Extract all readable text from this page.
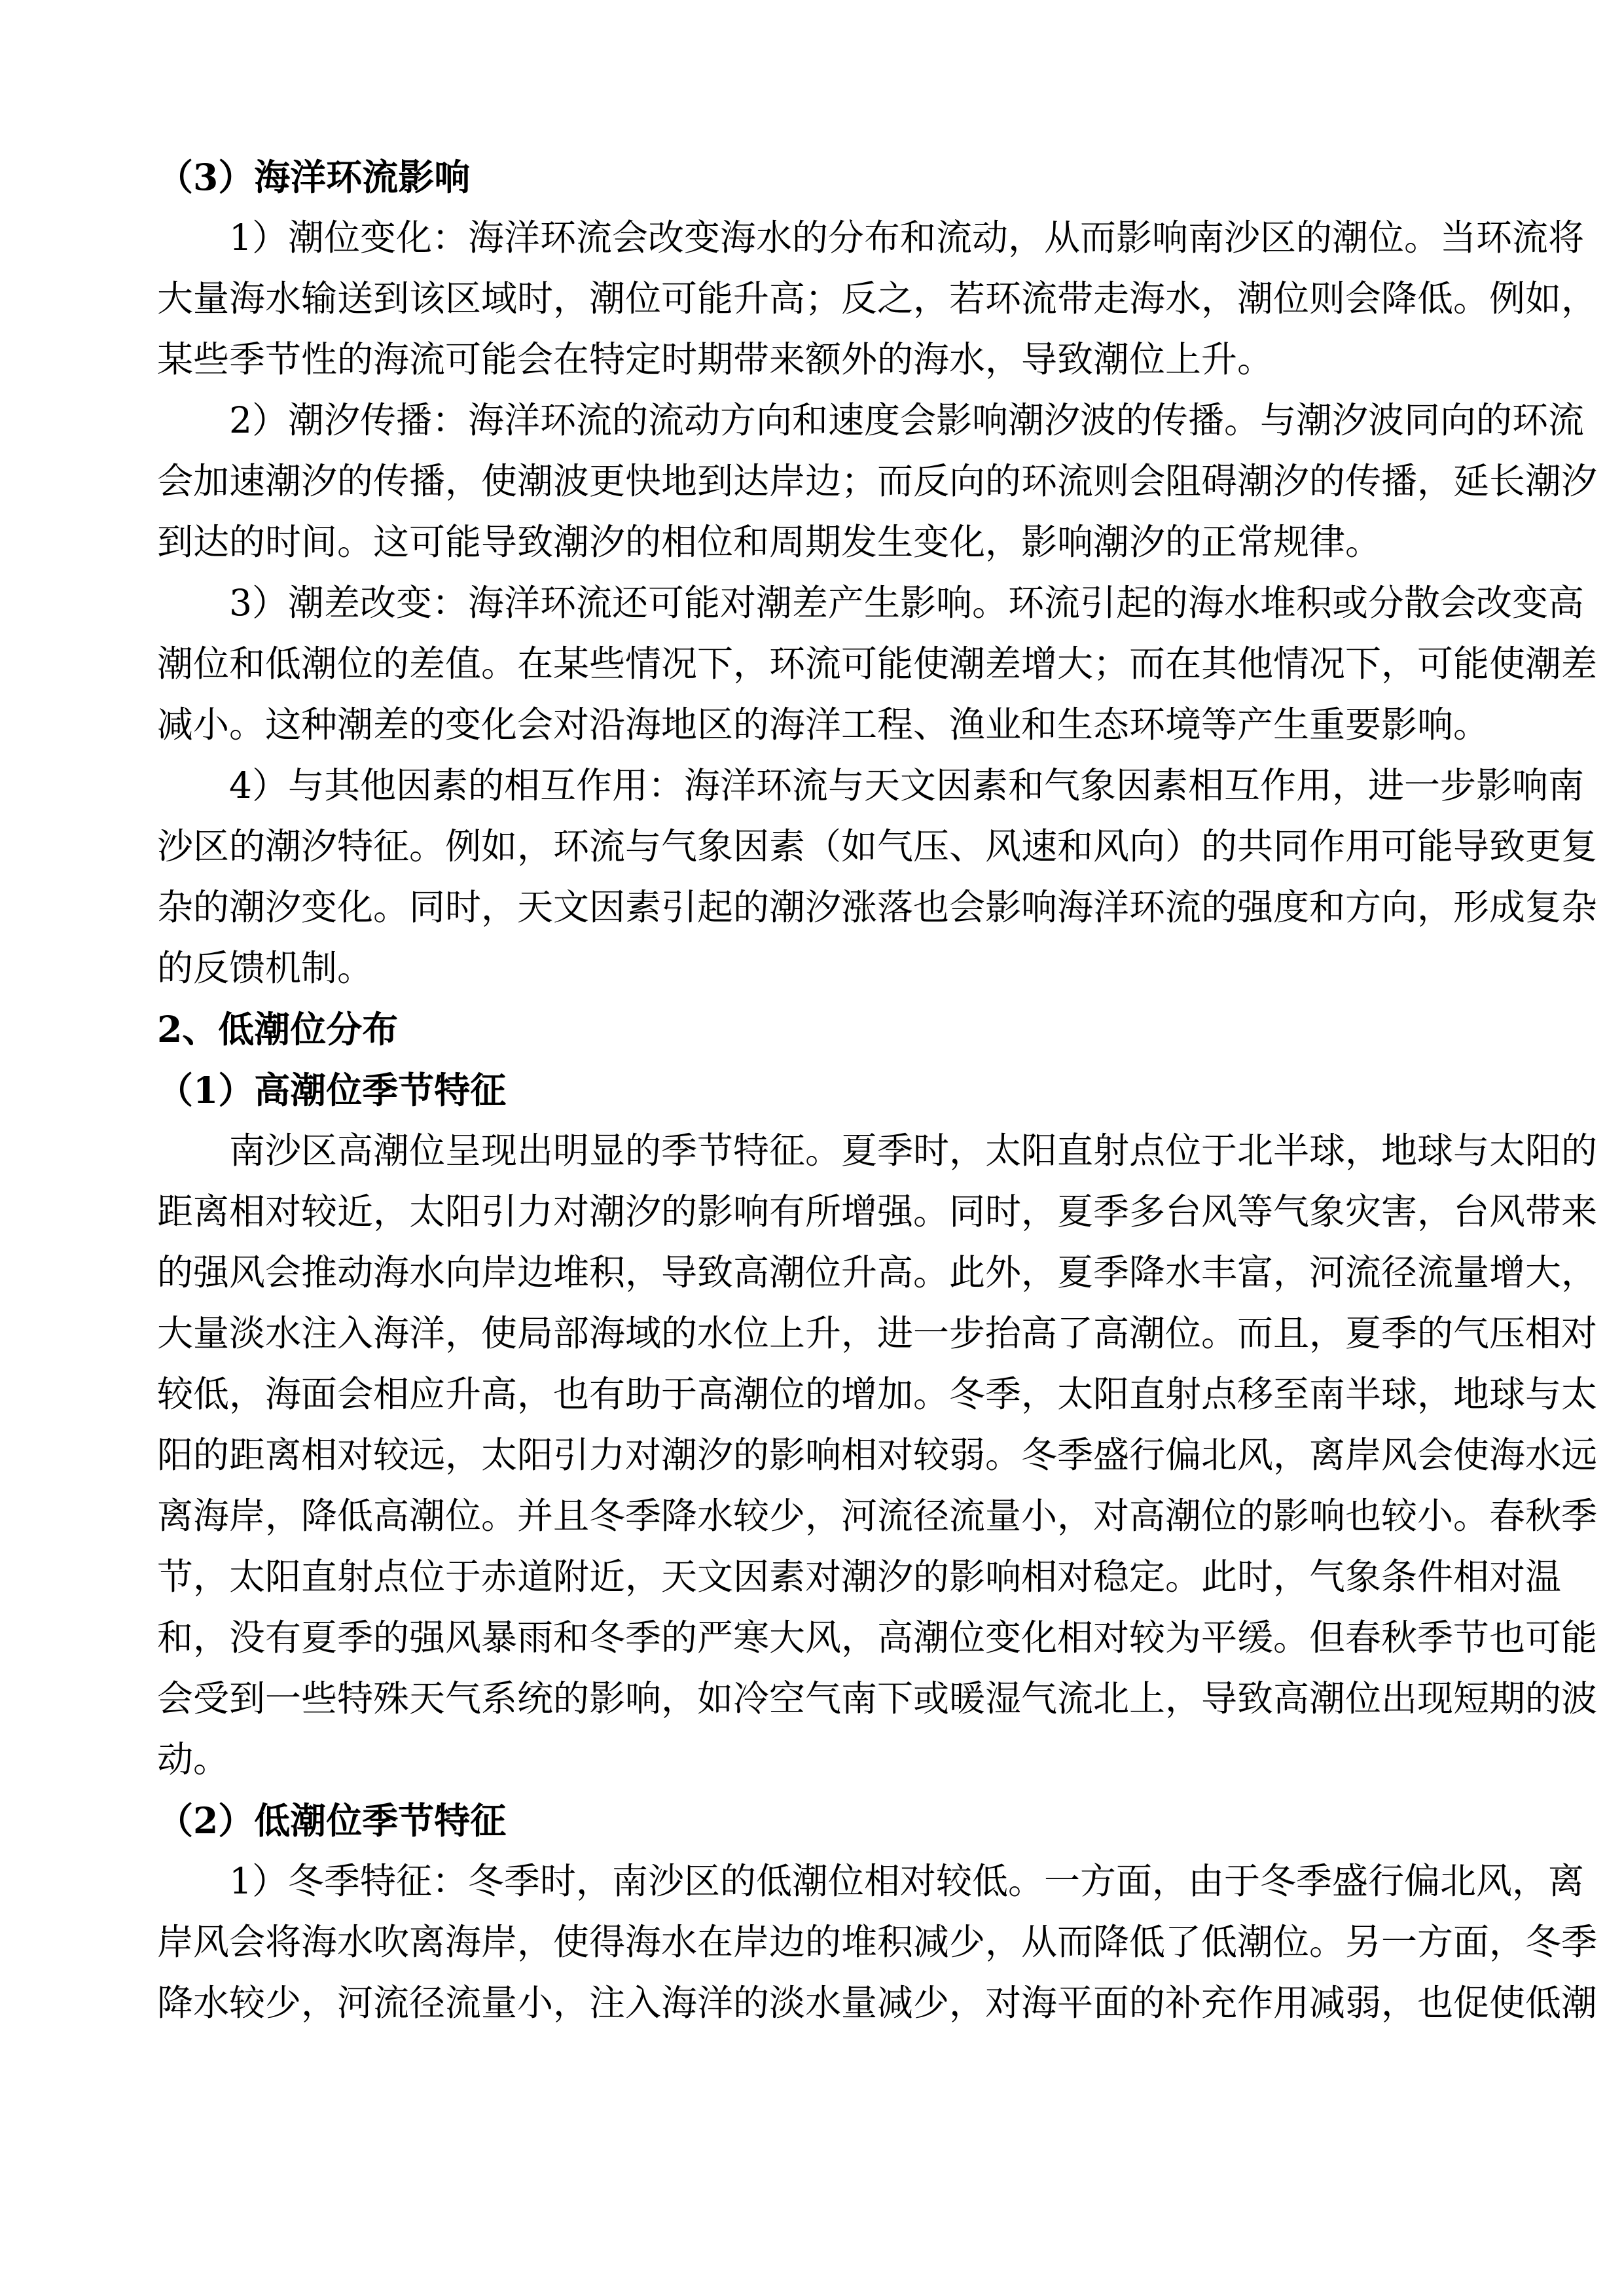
（3）海洋环流影响
1）潮位变化：海洋环流会改变海水的分布和流动，从而影响南沙区的潮位。当环流将
大量海水输送到该区域时，潮位可能升高；反之，若环流带走海水，潮位则会降低。例如，
某些季节性的海流可能会在特定时期带来额外的海水，导致潮位上升。
2）潮汐传播：海洋环流的流动方向和速度会影响潮汐波的传播。与潮汐波同向的环流
会加速潮汐的传播，使潮波更快地到达岸边；而反向的环流则会阻碍潮汐的传播，延长潮汐
到达的时间。这可能导致潮汐的相位和周期发生变化，影响潮汐的正常规律。
3）潮差改变：海洋环流还可能对潮差产生影响。环流引起的海水堆积或分散会改变高
潮位和低潮位的差值。在某些情况下，环流可能使潮差增大；而在其他情况下，可能使潮差
减小。这种潮差的变化会对沿海地区的海洋工程、渔业和生态环境等产生重要影响。
4）与其他因素的相互作用：海洋环流与天文因素和气象因素相互作用，进一步影响南
沙区的潮汐特征。例如，环流与气象因素（如气压、风速和风向）的共同作用可能导致更复
杂的潮汐变化。同时，天文因素引起的潮汐涨落也会影响海洋环流的强度和方向，形成复杂
的反馈机制。
2、低潮位分布
（1）高潮位季节特征
南沙区高潮位呈现出明显的季节特征。夏季时，太阳直射点位于北半球，地球与太阳的
距离相对较近，太阳引力对潮汐的影响有所增强。同时，夏季多台风等气象灾害，台风带来
的强风会推动海水向岸边堆积，导致高潮位升高。此外，夏季降水丰富，河流径流量增大，
大量淡水注入海洋，使局部海域的水位上升，进一步抬高了高潮位。而且，夏季的气压相对
较低，海面会相应升高，也有助于高潮位的增加。冬季，太阳直射点移至南半球，地球与太
阳的距离相对较远，太阳引力对潮汐的影响相对较弱。冬季盛行偏北风，离岸风会使海水远
离海岸，降低高潮位。并且冬季降水较少，河流径流量小，对高潮位的影响也较小。春秋季
节，太阳直射点位于赤道附近，天文因素对潮汐的影响相对稳定。此时，气象条件相对温
和，没有夏季的强风暴雨和冬季的严寒大风，高潮位变化相对较为平缓。但春秋季节也可能
会受到一些特殊天气系统的影响，如冷空气南下或暖湿气流北上，导致高潮位出现短期的波
动。
（2）低潮位季节特征
1）冬季特征：冬季时，南沙区的低潮位相对较低。一方面，由于冬季盛行偏北风，离
岸风会将海水吹离海岸，使得海水在岸边的堆积减少，从而降低了低潮位。另一方面，冬季
降水较少，河流径流量小，注入海洋的淡水量减少，对海平面的补充作用减弱，也促使低潮
